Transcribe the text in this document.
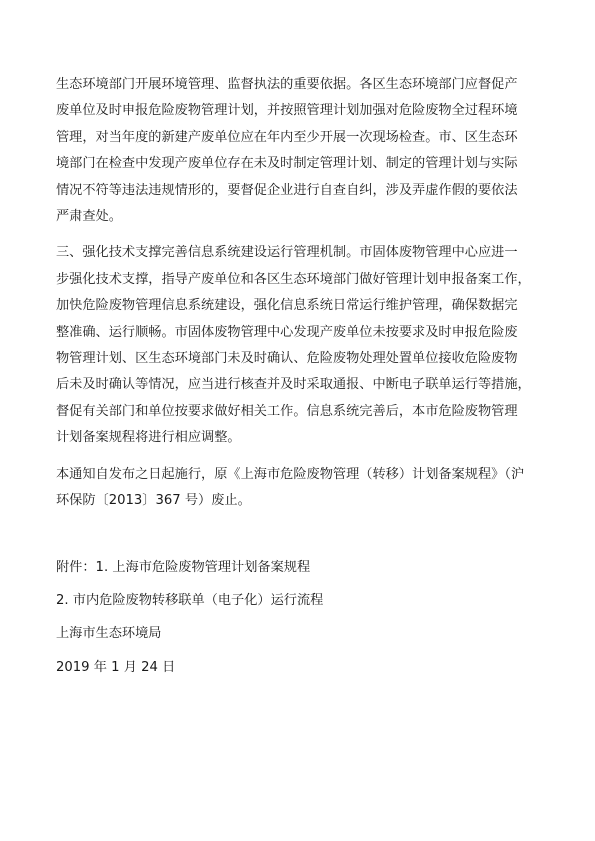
生态环境部门开展环境管理、监督执法的重要依据。各区生态环境部门应督促产
废单位及时申报危险废物管理计划，并按照管理计划加强对危险废物全过程环境
管理，对当年度的新建产废单位应在年内至少开展一次现场检查。市、区生态环
境部门在检查中发现产废单位存在未及时制定管理计划、制定的管理计划与实际
情况不符等违法违规情形的，要督促企业进行自查自纠，涉及弄虚作假的要依法
严肃查处。

三、强化技术支撑完善信息系统建设运行管理机制。市固体废物管理中心应进一
步强化技术支撑，指导产废单位和各区生态环境部门做好管理计划申报备案工作，
加快危险废物管理信息系统建设，强化信息系统日常运行维护管理，确保数据完
整准确、运行顺畅。市固体废物管理中心发现产废单位未按要求及时申报危险废
物管理计划、区生态环境部门未及时确认、危险废物处理处置单位接收危险废物
后未及时确认等情况，应当进行核查并及时采取通报、中断电子联单运行等措施，
督促有关部门和单位按要求做好相关工作。信息系统完善后，本市危险废物管理
计划备案规程将进行相应调整。

本通知自发布之日起施行，原《上海市危险废物管理（转移）计划备案规程》（沪
环保防〔2013〕367 号）废止。

附件：1. 上海市危险废物管理计划备案规程

2. 市内危险废物转移联单（电子化）运行流程

上海市生态环境局

2019 年 1 月 24 日
